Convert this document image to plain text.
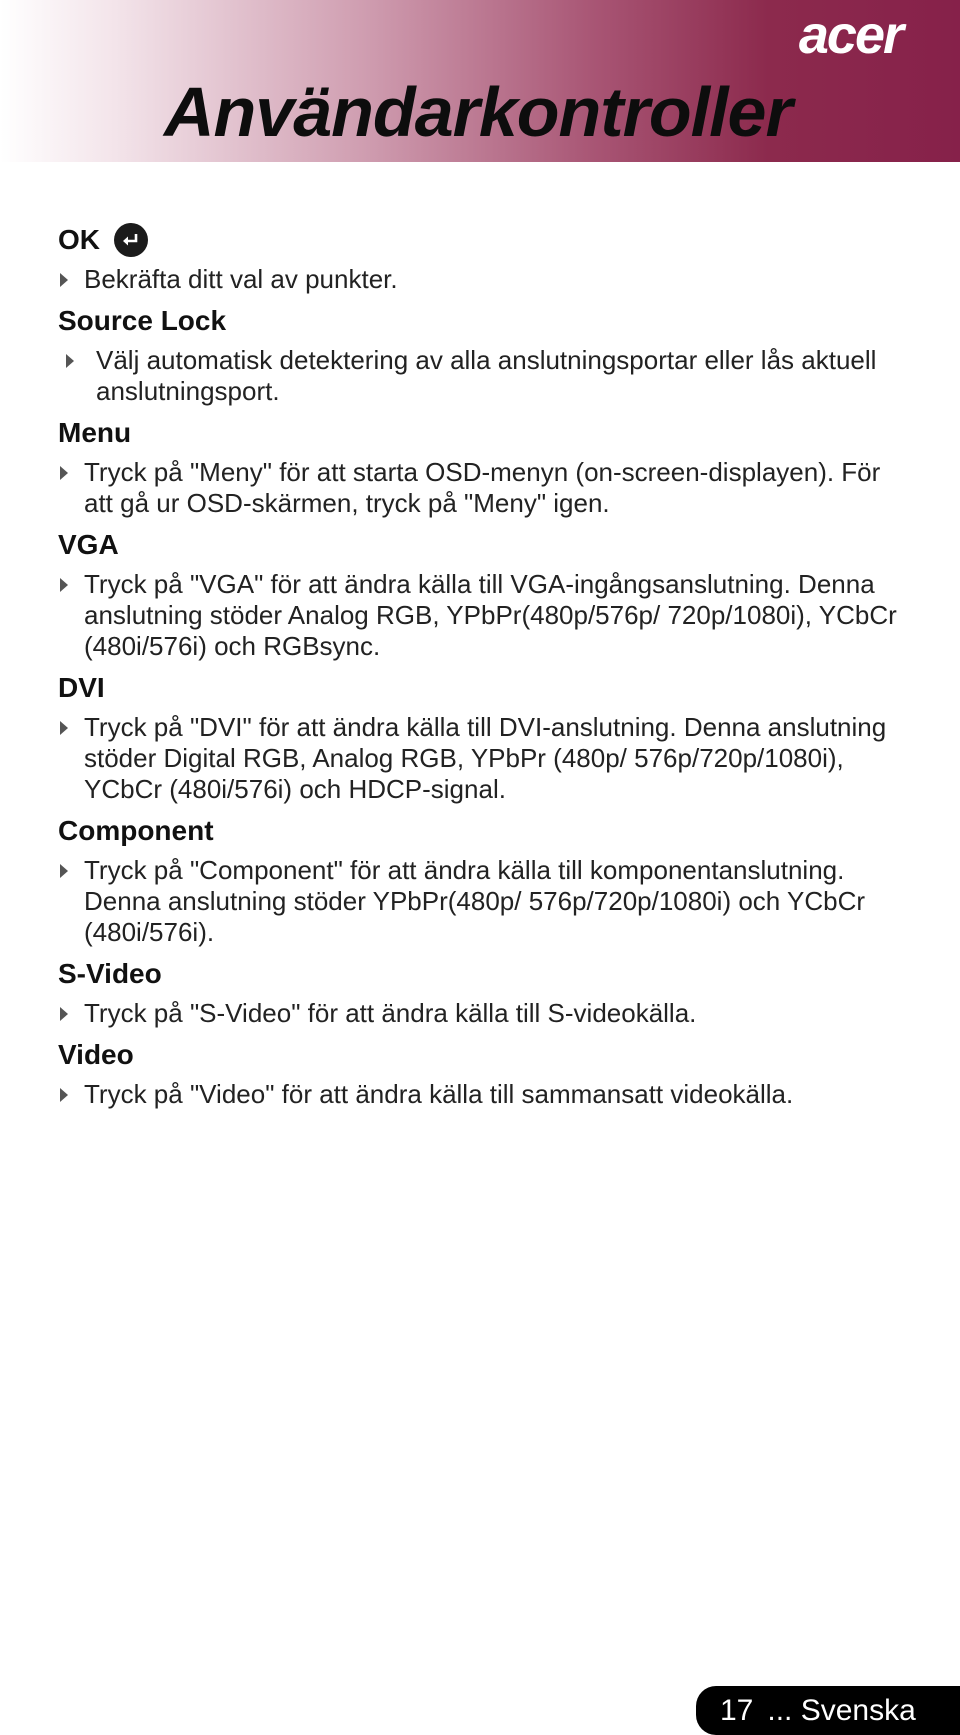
acer
Användarkontroller
OK

Bekräfta ditt val av punkter.

Source Lock

Välj automatisk detektering av alla anslutningsportar eller lås aktuell anslutningsport.

Menu

Tryck på "Meny" för att starta OSD-menyn (on-screen-displayen). För att gå ur OSD-skärmen, tryck på "Meny" igen.

VGA

Tryck på "VGA" för att ändra källa till VGA-ingångsanslutning. Denna anslutning stöder Analog RGB, YPbPr(480p/576p/ 720p/1080i), YCbCr (480i/576i) och RGBsync.

DVI

Tryck på "DVI" för att ändra källa till DVI-anslutning. Denna anslutning stöder Digital RGB, Analog RGB, YPbPr (480p/ 576p/720p/1080i), YCbCr (480i/576i) och HDCP-signal.

Component

Tryck på "Component" för att ändra källa till komponentanslutning. Denna anslutning stöder YPbPr(480p/ 576p/720p/1080i) och YCbCr (480i/576i).

S-Video

Tryck på "S-Video" för att ändra källa till S-videokälla.

Video

Tryck på "Video" för att ändra källa till sammansatt videokälla.

17 ... Svenska
